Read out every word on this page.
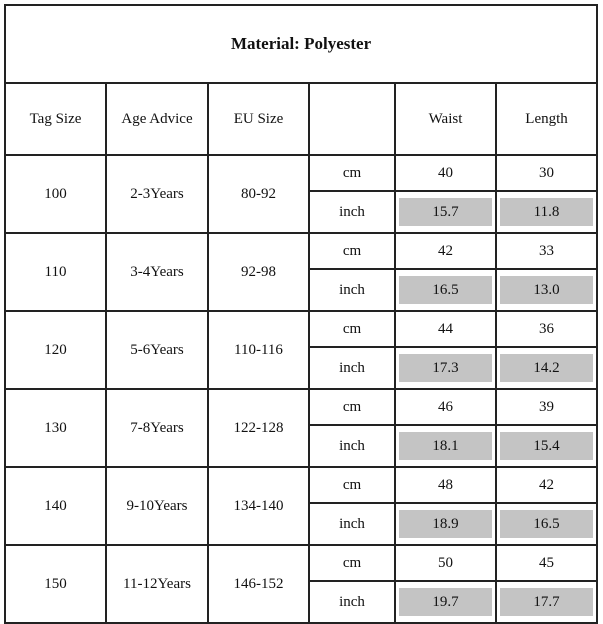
Material: Polyester					
Tag Size	Age Advice	EU Size		Waist	Length
100	2-3Years	80-92	cm	40	30
			inch	15.7	11.8

110	3-4Years	92-98	cm	42	33
			inch	16.5	13.0

120	5-6Years	110-116	cm	44	36
			inch	17.3	14.2

130	7-8Years	122-128	cm	46	39
			inch	18.1	15.4

140	9-10Years	134-140	cm	48	42
			inch	18.9	16.5

150	11-12Years	146-152	cm	50	45
			inch	19.7	17.7
